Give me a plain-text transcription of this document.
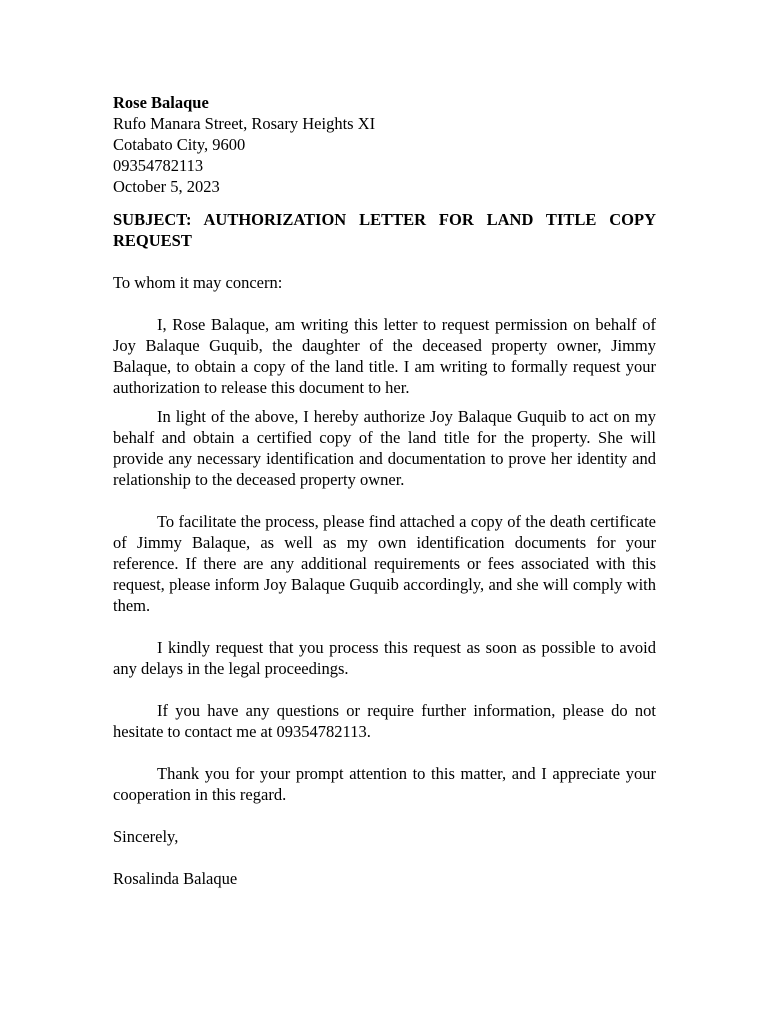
Rose Balaque
Rufo Manara Street, Rosary Heights XI
Cotabato City, 9600
09354782113
October 5, 2023
SUBJECT: AUTHORIZATION LETTER FOR LAND TITLE COPY REQUEST
To whom it may concern:

I, Rose Balaque, am writing this letter to request permission on behalf of Joy Balaque Guquib, the daughter of the deceased property owner, Jimmy Balaque, to obtain a copy of the land title. I am writing to formally request your authorization to release this document to her.

In light of the above, I hereby authorize Joy Balaque Guquib to act on my behalf and obtain a certified copy of the land title for the property. She will provide any necessary identification and documentation to prove her identity and relationship to the deceased property owner.

To facilitate the process, please find attached a copy of the death certificate of Jimmy Balaque, as well as my own identification documents for your reference. If there are any additional requirements or fees associated with this request, please inform Joy Balaque Guquib accordingly, and she will comply with them.

I kindly request that you process this request as soon as possible to avoid any delays in the legal proceedings.

If you have any questions or require further information, please do not hesitate to contact me at 09354782113.

Thank you for your prompt attention to this matter, and I appreciate your cooperation in this regard.

Sincerely,
Rosalinda Balaque
